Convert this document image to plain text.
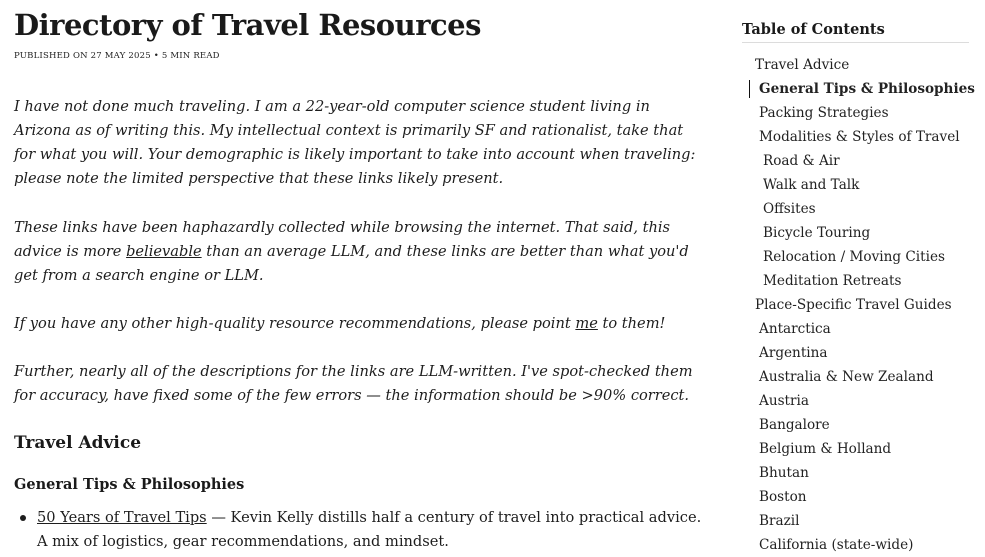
Directory of Travel Resources
PUBLISHED ON 27 MAY 2025 • 5 MIN READ

I have not done much traveling. I am a 22-year-old computer science student living in Arizona as of writing this. My intellectual context is primarily SF and rationalist, take that for what you will. Your demographic is likely important to take into account when traveling: please note the limited perspective that these links likely present.

These links have been haphazardly collected while browsing the internet. That said, this advice is more believable than an average LLM, and these links are better than what you'd get from a search engine or LLM.

If you have any other high-quality resource recommendations, please point me to them!

Further, nearly all of the descriptions for the links are LLM-written. I've spot-checked them for accuracy, have fixed some of the few errors — the information should be >90% correct.

Travel Advice
General Tips & Philosophies
50 Years of Travel Tips — Kevin Kelly distills half a century of travel into practical advice. A mix of logistics, gear recommendations, and mindset.
Table of Contents
Travel Advice
General Tips & Philosophies
Packing Strategies
Modalities & Styles of Travel
Road & Air
Walk and Talk
Offsites
Bicycle Touring
Relocation / Moving Cities
Meditation Retreats
Place-Specific Travel Guides
Antarctica
Argentina
Australia & New Zealand
Austria
Bangalore
Belgium & Holland
Bhutan
Boston
Brazil
California (state-wide)
